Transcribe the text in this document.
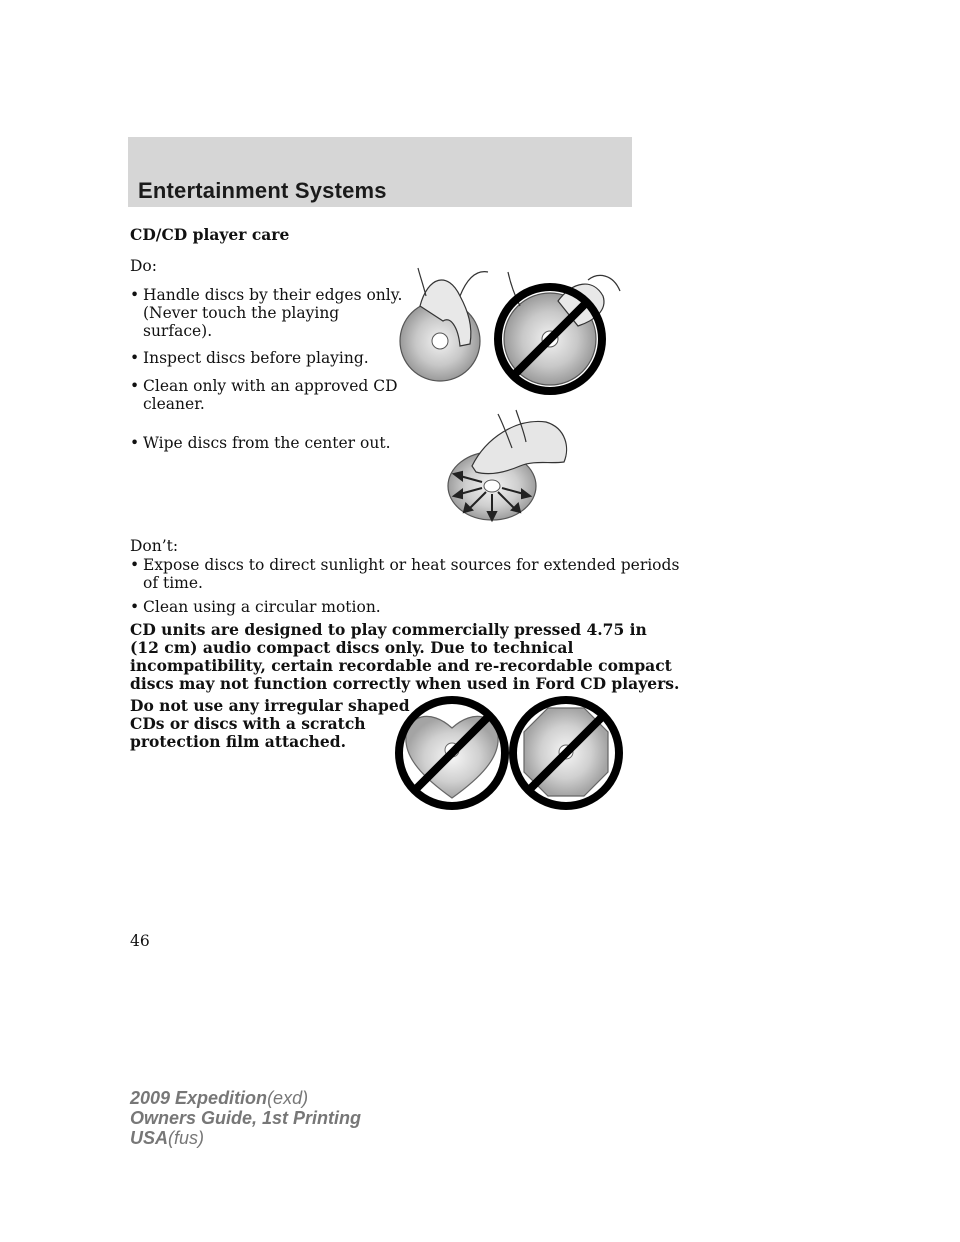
Entertainment Systems
CD/CD player care
Do:
• Handle discs by their edges only.
(Never touch the playing
surface).
• Inspect discs before playing.
• Clean only with an approved CD
cleaner.
• Wipe discs from the center out.
Don’t:
• Expose discs to direct sunlight or heat sources for extended periods
of time.
• Clean using a circular motion.
CD units are designed to play commercially pressed 4.75 in
(12 cm) audio compact discs only. Due to technical
incompatibility, certain recordable and re-recordable compact
discs may not function correctly when used in Ford CD players.
Do not use any irregular shaped
CDs or discs with a scratch
protection film attached.
46
2009 Expedition(exd)
Owners Guide, 1st Printing
USA(fus)
